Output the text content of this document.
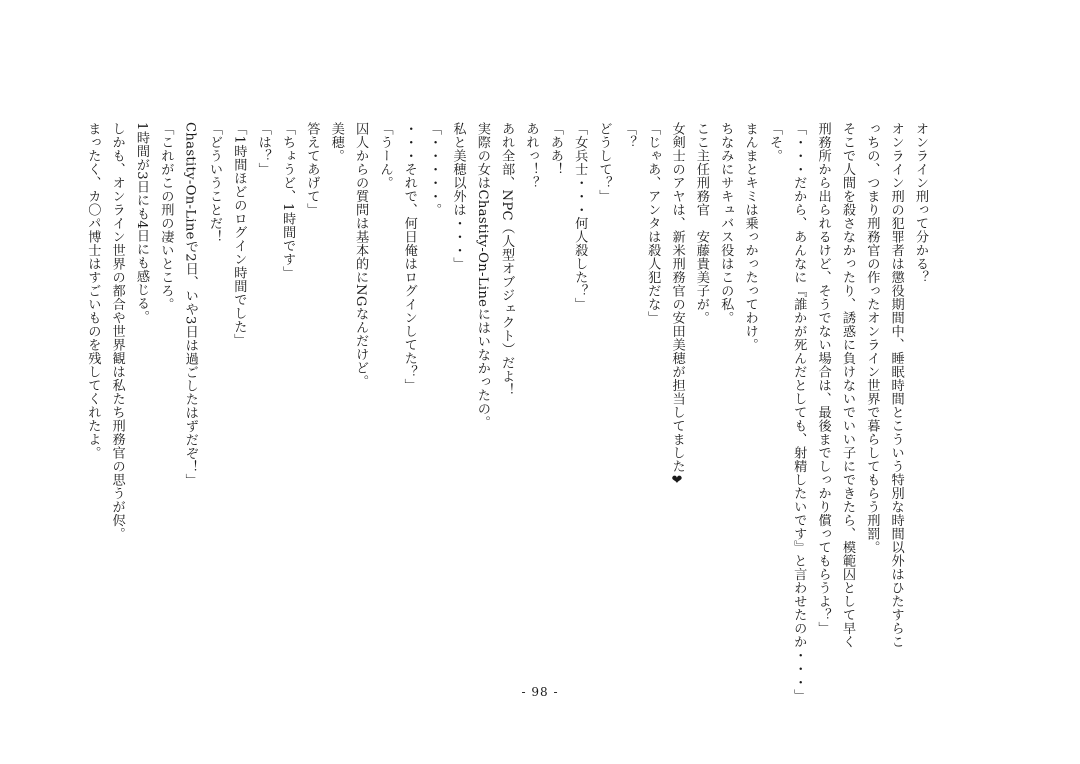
オンライン刑って分かる？
オンライン刑の犯罪者は懲役期間中、睡眠時間とこういう特別な時間以外はひたすらこ
っちの、つまり刑務官の作ったオンライン世界で暮らしてもらう刑罰。
そこで人間を殺さなかったり、誘惑に負けないでいい子にできたら、模範囚として早く
刑務所から出られるけど、そうでない場合は、最後までしっかり償ってもらうよ？」
「・・・だから、あんなに『誰かが死んだとしても、射精したいです』と言わせたのか・・・」
「そ。
まんまとキミは乗っかったってわけ。
ちなみにサキュバス役はこの私。
ここ主任刑務官　安藤貴美子が。
女剣士のアヤは、新米刑務官の安田美穂が担当してました❤
「じゃあ、アンタは殺人犯だな」
「？
どうして？」
「女兵士・・・何人殺した？」
「ああ！
あれっ！？
あれ全部、NPC（人型オブジェクト）だよ！
実際の女はChastity-On-Lineにはいなかったの。
私と美穂以外は・・・」
「・・・・・。
・・・それで、何日俺はログインしてた？」
「うーん。
囚人からの質問は基本的にNGなんだけど。
美穂。
答えてあげて」
「ちょうど、1時間です」
「は？」
「1時間ほどのログイン時間でした」
「どういうことだ！
Chastity-On-Lineで2日、いや3日は過ごしたはずだぞ！」
「これがこの刑の凄いところ。
1時間が3日にも4日にも感じる。
しかも、オンライン世界の都合や世界観は私たち刑務官の思うが侭。
まったく、カ〇パ博士はすごいものを残してくれたよ。
- 98 -
